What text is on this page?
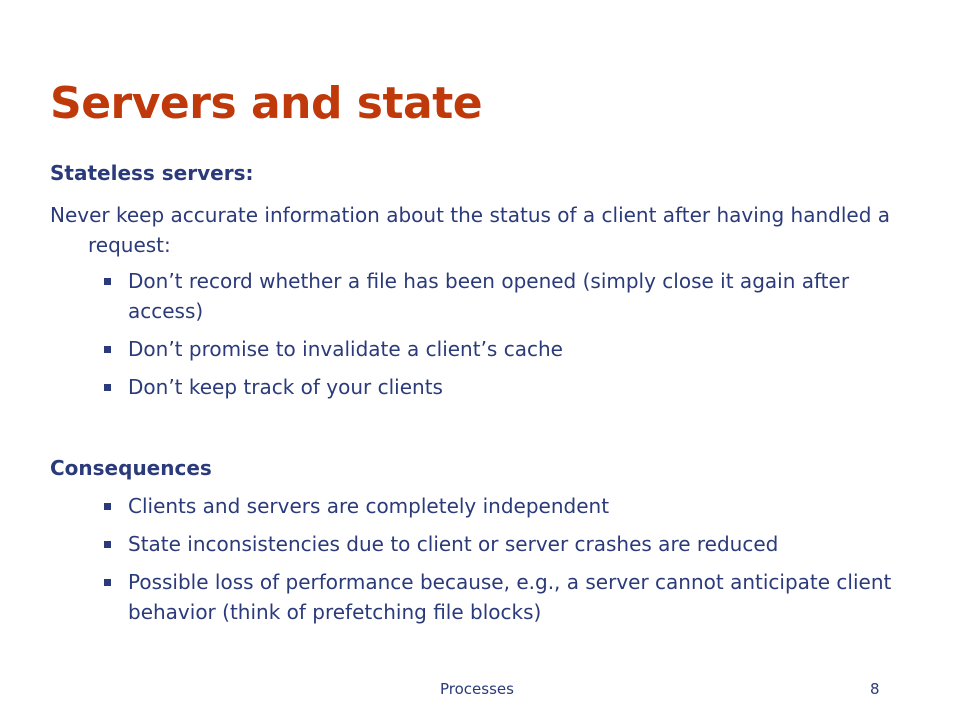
Servers and state
Stateless servers:

Never keep accurate information about the status of a client after having handled a request:

Don’t record whether a file has been opened (simply close it again after access)
Don’t promise to invalidate a client’s cache
Don’t keep track of your clients
Consequences
Clients and servers are completely independent
State inconsistencies due to client or server crashes are reduced
Possible loss of performance because, e.g., a server cannot anticipate client behavior (think of prefetching file blocks)
Processes	8
